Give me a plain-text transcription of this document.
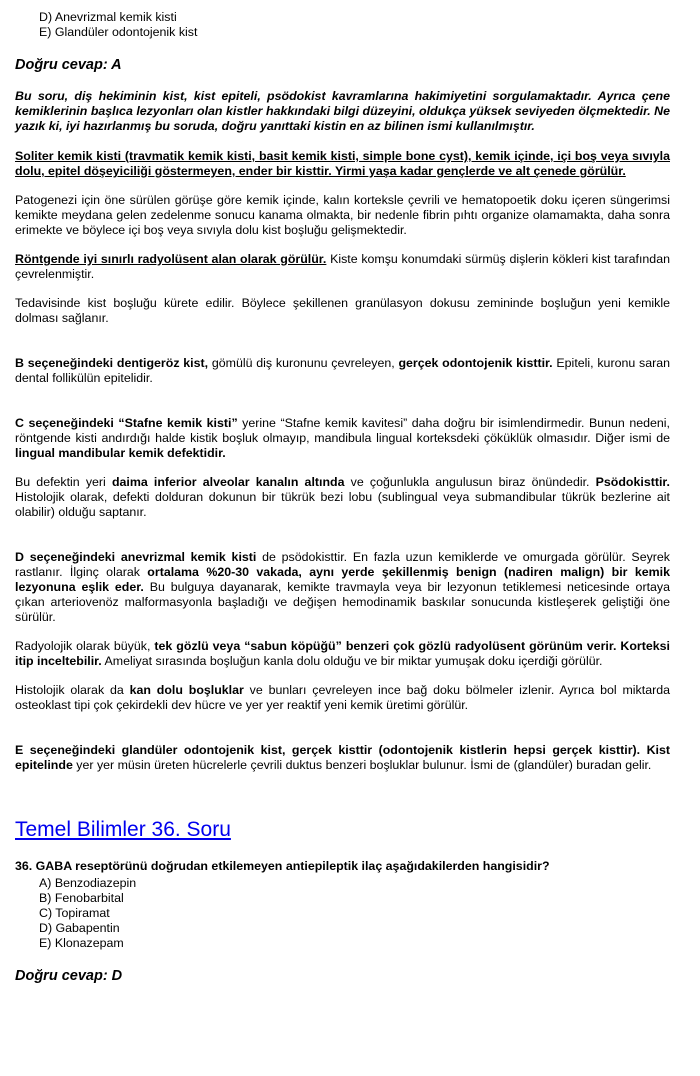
D) Anevrizmal kemik kisti
E) Glandüler odontojenik kist
Doğru cevap: A
Bu soru, diş hekiminin kist, kist epiteli, psödokist kavramlarına hakimiyetini sorgulamaktadır. Ayrıca çene kemiklerinin başlıca lezyonları olan kistler hakkındaki bilgi düzeyini, oldukça yüksek seviyeden ölçmektedir. Ne yazık ki, iyi hazırlanmış bu soruda, doğru yanıttaki kistin en az bilinen ismi kullanılmıştır.

Soliter kemik kisti (travmatik kemik kisti, basit kemik kisti, simple bone cyst), kemik içinde, içi boş veya sıvıyla dolu, epitel döşeyiciliği göstermeyen, ender bir kisttir. Yirmi yaşa kadar gençlerde ve alt çenede görülür.

Patogenezi için öne sürülen görüşe göre kemik içinde, kalın korteksle çevrili ve hematopoetik doku içeren süngerimsi kemikte meydana gelen zedelenme sonucu kanama olmakta, bir nedenle fibrin pıhtı organize olamamakta, daha sonra erimekte ve böylece içi boş veya sıvıyla dolu kist boşluğu gelişmektedir.

Röntgende iyi sınırlı radyolüsent alan olarak görülür. Kiste komşu konumdaki sürmüş dişlerin kökleri kist tarafından çevrelenmiştir.

Tedavisinde kist boşluğu kürete edilir. Böylece şekillenen granülasyon dokusu zemininde boşluğun yeni kemikle dolması sağlanır.

B seçeneğindeki dentigeröz kist, gömülü diş kuronunu çevreleyen, gerçek odontojenik kisttir. Epiteli, kuronu saran dental follikülün epitelidir.

C seçeneğindeki “Stafne kemik kisti” yerine “Stafne kemik kavitesi” daha doğru bir isimlendirmedir. Bunun nedeni, röntgende kisti andırdığı halde kistik boşluk olmayıp, mandibula lingual korteksdeki çöküklük olmasıdır. Diğer ismi de lingual mandibular kemik defektidir.

Bu defektin yeri daima inferior alveolar kanalın altında ve çoğunlukla angulusun biraz önündedir. Psödokisttir. Histolojik olarak, defekti dolduran dokunun bir tükrük bezi lobu (sublingual veya submandibular tükrük bezlerine ait olabilir) olduğu saptanır.

D seçeneğindeki anevrizmal kemik kisti de psödokisttir. En fazla uzun kemiklerde ve omurgada görülür. Seyrek rastlanır. İlginç olarak ortalama %20-30 vakada, aynı yerde şekillenmiş benign (nadiren malign) bir kemik lezyonuna eşlik eder. Bu bulguya dayanarak, kemikte travmayla veya bir lezyonun tetiklemesi neticesinde ortaya çıkan arteriovenöz malformasyonla başladığı ve değişen hemodinamik baskılar sonucunda kistleşerek geliştiği öne sürülür.

Radyolojik olarak büyük, tek gözlü veya “sabun köpüğü” benzeri çok gözlü radyolüsent görünüm verir. Korteksi itip inceltebilir. Ameliyat sırasında boşluğun kanla dolu olduğu ve bir miktar yumuşak doku içerdiği görülür.

Histolojik olarak da kan dolu boşluklar ve bunları çevreleyen ince bağ doku bölmeler izlenir. Ayrıca bol miktarda osteoklast tipi çok çekirdekli dev hücre ve yer yer reaktif yeni kemik üretimi görülür.

E seçeneğindeki glandüler odontojenik kist, gerçek kisttir (odontojenik kistlerin hepsi gerçek kisttir). Kist epitelinde yer yer müsin üreten hücrelerle çevrili duktus benzeri boşluklar bulunur. İsmi de (glandüler) buradan gelir.

Temel Bilimler 36. Soru
36. GABA reseptörünü doğrudan etkilemeyen antiepileptik ilaç aşağıdakilerden hangisidir?
A) Benzodiazepin
B) Fenobarbital
C) Topiramat
D) Gabapentin
E) Klonazepam
Doğru cevap: D
